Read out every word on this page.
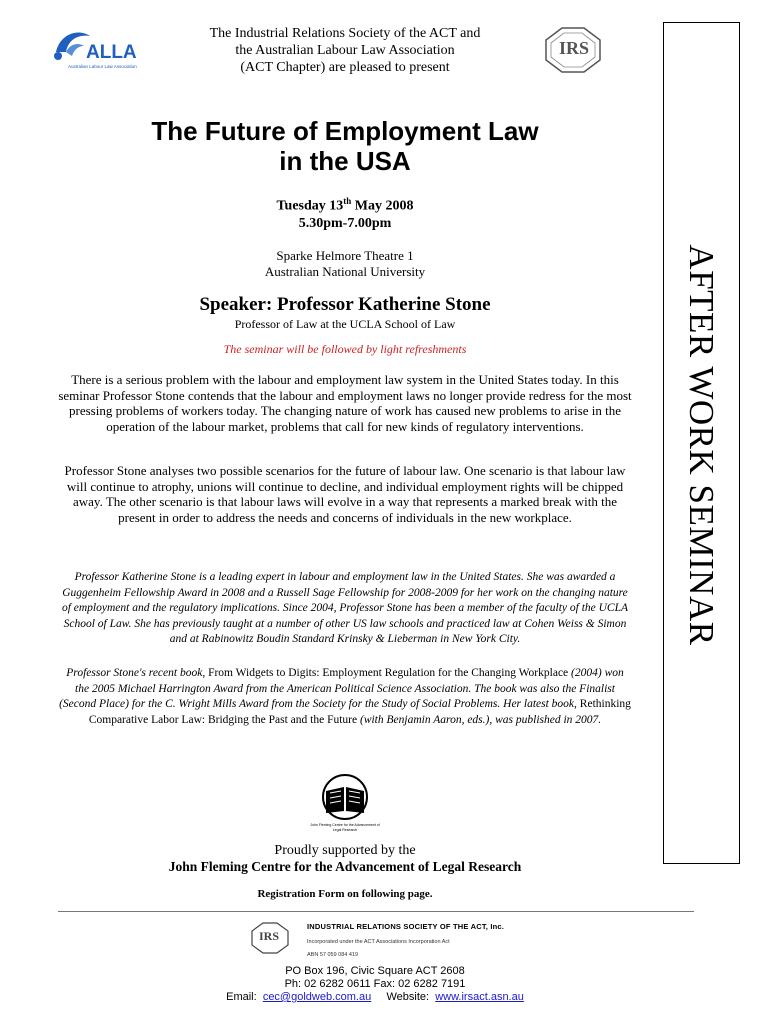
ALLA
Australian Labour Law Association
The Industrial Relations Society of the ACT and
the Australian Labour Law Association
(ACT Chapter) are pleased to present
IRS
The Future of Employment Law
in the USA
Tuesday 13th May 2008
5.30pm-7.00pm
Sparke Helmore Theatre 1
Australian National University
Speaker: Professor Katherine Stone
Professor of Law at the UCLA School of Law
The seminar will be followed by light refreshments
There is a serious problem with the labour and employment law system in the United States today. In this seminar Professor Stone contends that the labour and employment laws no longer provide redress for the most pressing problems of workers today. The changing nature of work has caused new problems to arise in the operation of the labour market, problems that call for new kinds of regulatory interventions.
Professor Stone analyses two possible scenarios for the future of labour law. One scenario is that labour law will continue to atrophy, unions will continue to decline, and individual employment rights will be chipped away. The other scenario is that labour laws will evolve in a way that represents a marked break with the present in order to address the needs and concerns of individuals in the new workplace.
Professor Katherine Stone is a leading expert in labour and employment law in the United States. She was awarded a Guggenheim Fellowship Award in 2008 and a Russell Sage Fellowship for 2008-2009 for her work on the changing nature of employment and the regulatory implications. Since 2004, Professor Stone has been a member of the faculty of the UCLA School of Law. She has previously taught at a number of other US law schools and practiced law at Cohen Weiss & Simon and at Rabinowitz Boudin Standard Krinsky & Lieberman in New York City.
Professor Stone's recent book, From Widgets to Digits: Employment Regulation for the Changing Workplace (2004) won the 2005 Michael Harrington Award from the American Political Science Association. The book was also the Finalist (Second Place) for the C. Wright Mills Award from the Society for the Study of Social Problems. Her latest book, Rethinking Comparative Labor Law: Bridging the Past and the Future (with Benjamin Aaron, eds.), was published in 2007.
AFTER WORK SEMINAR
John Fleming Centre for the Advancement of Legal Research
Proudly supported by the
John Fleming Centre for the Advancement of Legal Research
Registration Form on following page.
IRS
INDUSTRIAL RELATIONS SOCIETY OF THE ACT, Inc.
Incorporated under the ACT Associations Incorporation Act
ABN 57 059 084 419
PO Box 196, Civic Square ACT 2608
Ph: 02 6282 0611 Fax: 02 6282 7191
Email:  cec@goldweb.com.au     Website:  www.irsact.asn.au
